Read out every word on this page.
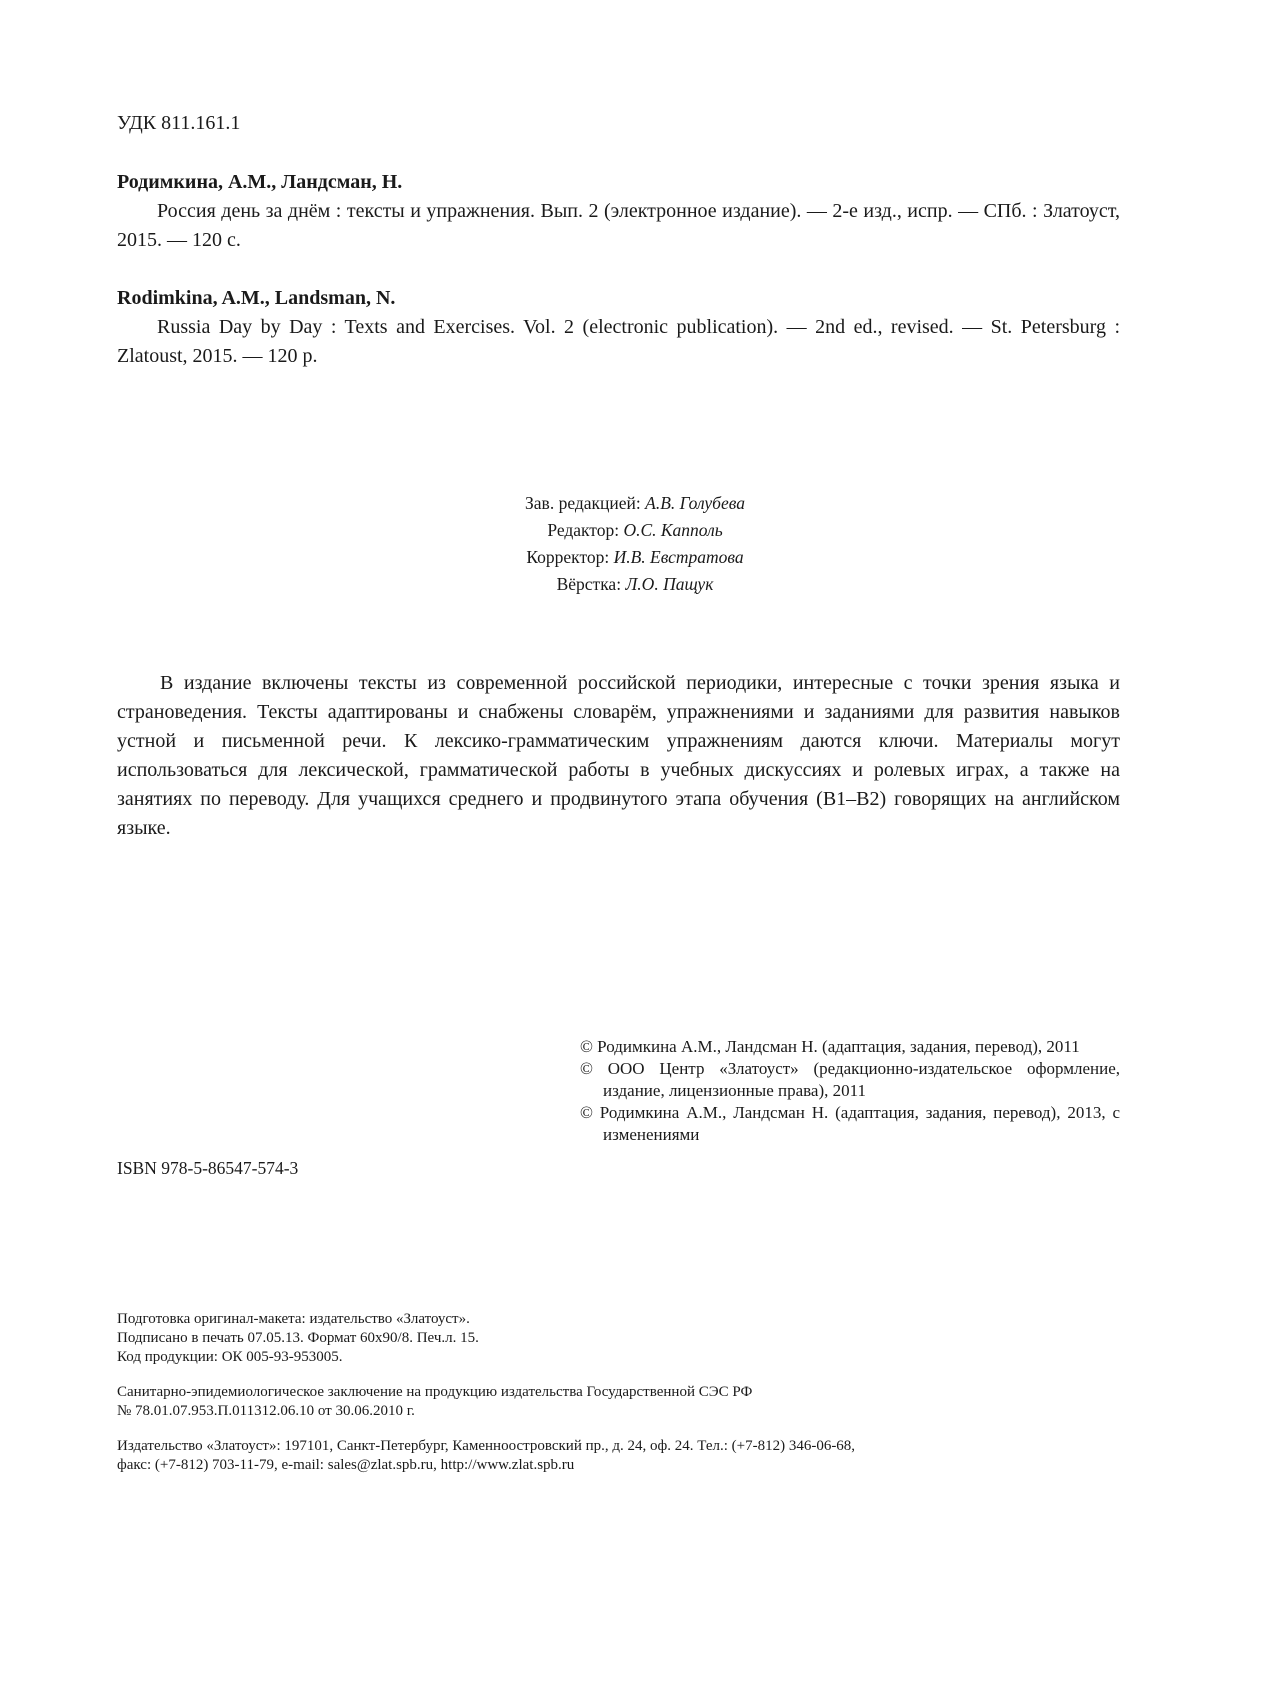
УДК 811.161.1
Родимкина, А.М., Ландсман, Н.
Россия день за днём : тексты и упражнения. Вып. 2 (электронное издание). — 2-е изд., испр. — СПб. : Златоуст, 2015. — 120 с.
Rodimkina, A.M., Landsman, N.
Russia Day by Day : Texts and Exercises. Vol. 2 (electronic publication). — 2nd ed., revised. — St. Petersburg : Zlatoust, 2015. — 120 p.
Зав. редакцией: А.В. Голубева
Редактор: О.С. Капполь
Корректор: И.В. Евстратова
Вёрстка: Л.О. Пащук
В издание включены тексты из современной российской периодики, интересные с точки зрения языка и страноведения. Тексты адаптированы и снабжены словарём, упражнениями и заданиями для развития навыков устной и письменной речи. К лексико-грамматическим упражнениям даются ключи. Материалы могут использоваться для лексической, грамматической работы в учебных дискуссиях и ролевых играх, а также на занятиях по переводу. Для учащихся среднего и продвинутого этапа обучения (В1–В2) говорящих на английском языке.
© Родимкина А.М., Ландсман Н. (адаптация, задания, перевод), 2011
© ООО Центр «Златоуст» (редакционно-издательское оформление, издание, лицензионные права), 2011
© Родимкина А.М., Ландсман Н. (адаптация, задания, перевод), 2013, с изменениями
ISBN 978-5-86547-574-3
Подготовка оригинал-макета: издательство «Златоуст».
Подписано в печать 07.05.13. Формат 60x90/8. Печ.л. 15.
Код продукции: ОК 005-93-953005.
Санитарно-эпидемиологическое заключение на продукцию издательства Государственной СЭС РФ
№ 78.01.07.953.П.011312.06.10 от 30.06.2010 г.
Издательство «Златоуст»: 197101, Санкт-Петербург, Каменноостровский пр., д. 24, оф. 24. Тел.: (+7-812) 346-06-68,
факс: (+7-812) 703-11-79, e-mail: sales@zlat.spb.ru, http://www.zlat.spb.ru
